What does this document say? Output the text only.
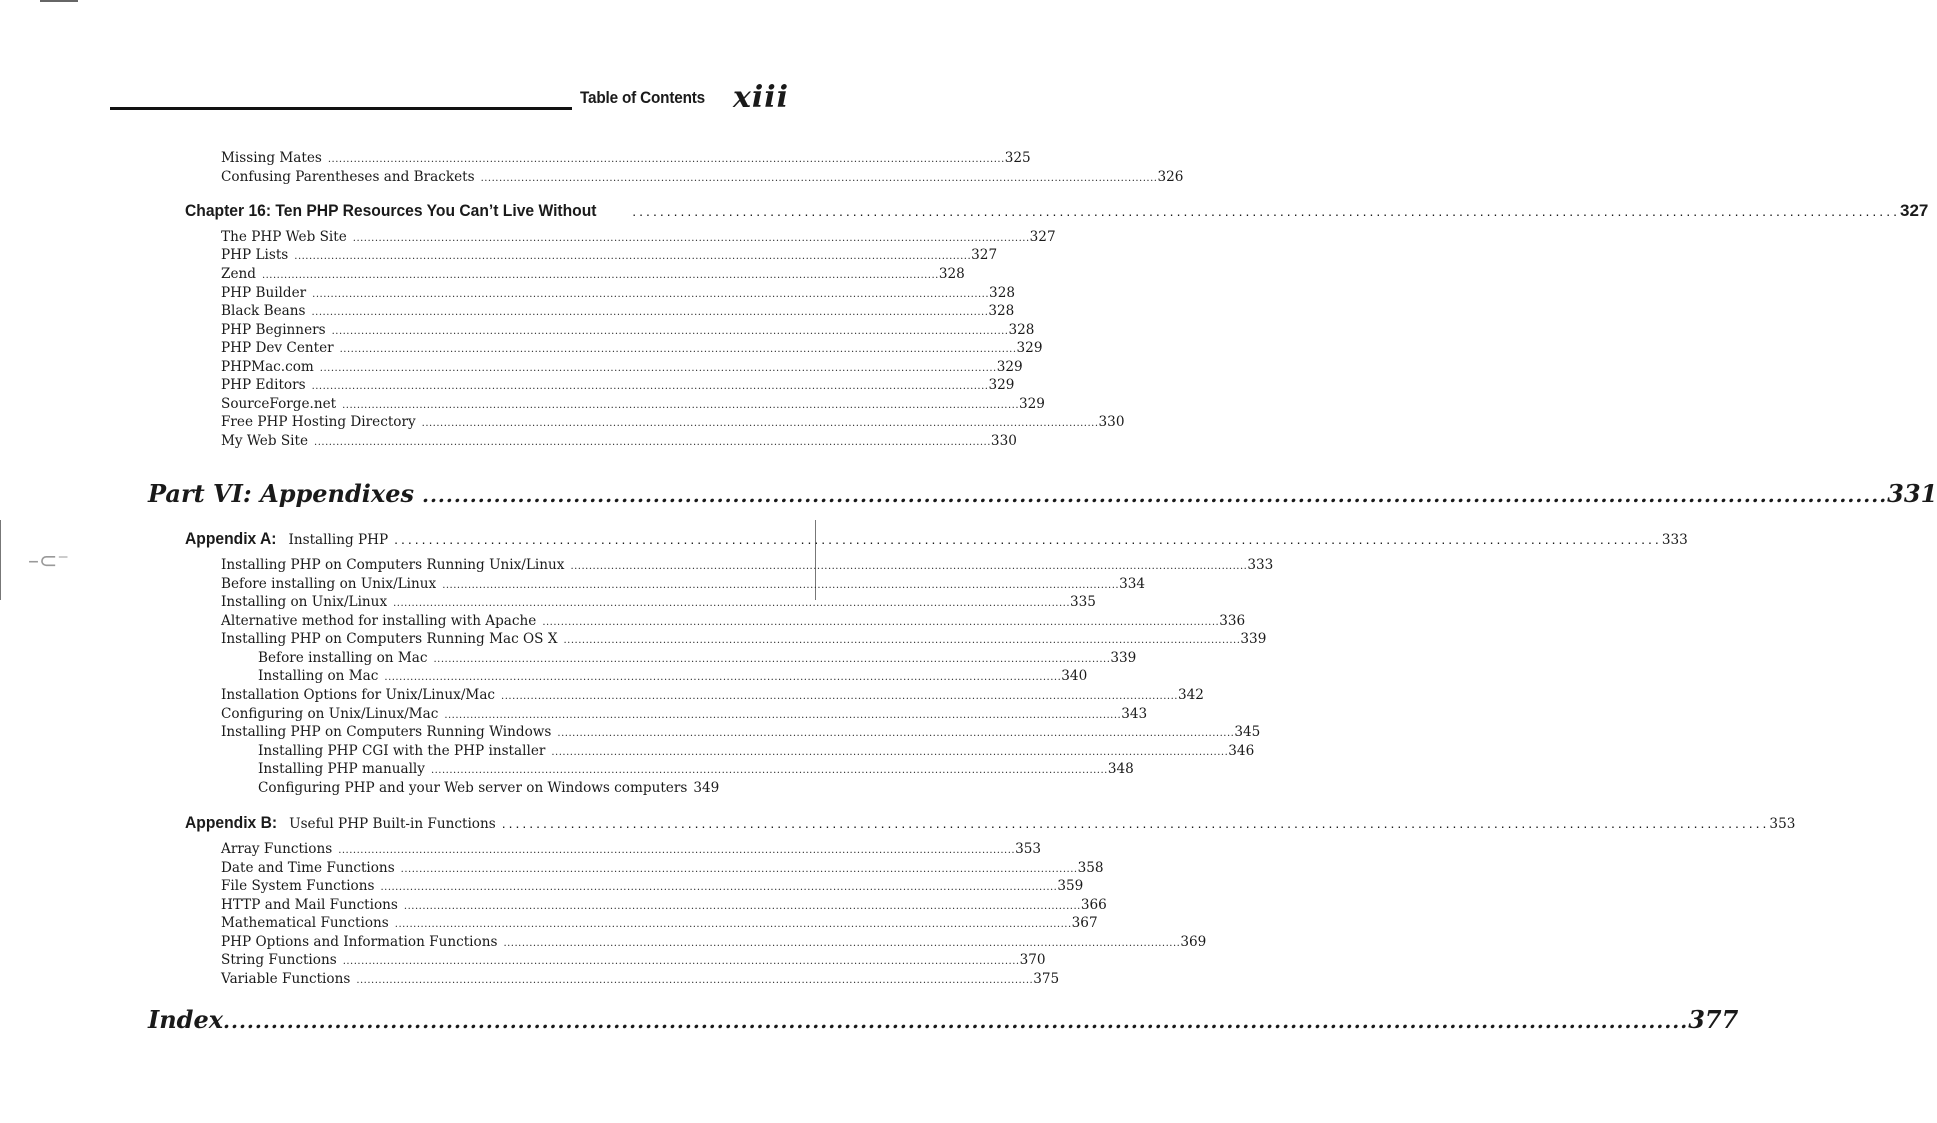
–⊂⁻
Table of Contents xiii
Missing Mates ........................................................................................................................................................................................ 325
Confusing Parentheses and Brackets ........................................................................................................................................................................................ 326
Chapter 16: Ten PHP Resources You Can’t Live Without	........................................................................................................................................................................................ 327
The PHP Web Site ........................................................................................................................................................................................ 327
PHP Lists ........................................................................................................................................................................................ 327
Zend ........................................................................................................................................................................................ 328
PHP Builder ........................................................................................................................................................................................ 328
Black Beans ........................................................................................................................................................................................ 328
PHP Beginners ........................................................................................................................................................................................ 328
PHP Dev Center ........................................................................................................................................................................................ 329
PHPMac.com ........................................................................................................................................................................................ 329
PHP Editors ........................................................................................................................................................................................ 329
SourceForge.net ........................................................................................................................................................................................ 329
Free PHP Hosting Directory ........................................................................................................................................................................................ 330
My Web Site ........................................................................................................................................................................................ 330
Part VI: Appendixes ........................................................................................................................................................................................ 331
Appendix A: Installing PHP ........................................................................................................................................................................................ 333
Installing PHP on Computers Running Unix/Linux ........................................................................................................................................................................................ 333
Before installing on Unix/Linux ........................................................................................................................................................................................ 334
Installing on Unix/Linux ........................................................................................................................................................................................ 335
Alternative method for installing with Apache ........................................................................................................................................................................................ 336
Installing PHP on Computers Running Mac OS X ........................................................................................................................................................................................ 339
Before installing on Mac ........................................................................................................................................................................................ 339
Installing on Mac ........................................................................................................................................................................................ 340
Installation Options for Unix/Linux/Mac ........................................................................................................................................................................................ 342
Configuring on Unix/Linux/Mac ........................................................................................................................................................................................ 343
Installing PHP on Computers Running Windows ........................................................................................................................................................................................ 345
Installing PHP CGI with the PHP installer ........................................................................................................................................................................................ 346
Installing PHP manually ........................................................................................................................................................................................ 348
Configuring PHP and your Web server on Windows computers 349
Appendix B: Useful PHP Built-in Functions ........................................................................................................................................................................................ 353
Array Functions ........................................................................................................................................................................................ 353
Date and Time Functions ........................................................................................................................................................................................ 358
File System Functions ........................................................................................................................................................................................ 359
HTTP and Mail Functions ........................................................................................................................................................................................ 366
Mathematical Functions ........................................................................................................................................................................................ 367
PHP Options and Information Functions ........................................................................................................................................................................................ 369
String Functions ........................................................................................................................................................................................ 370
Variable Functions ........................................................................................................................................................................................ 375
Index ........................................................................................................................................................................................ 377
